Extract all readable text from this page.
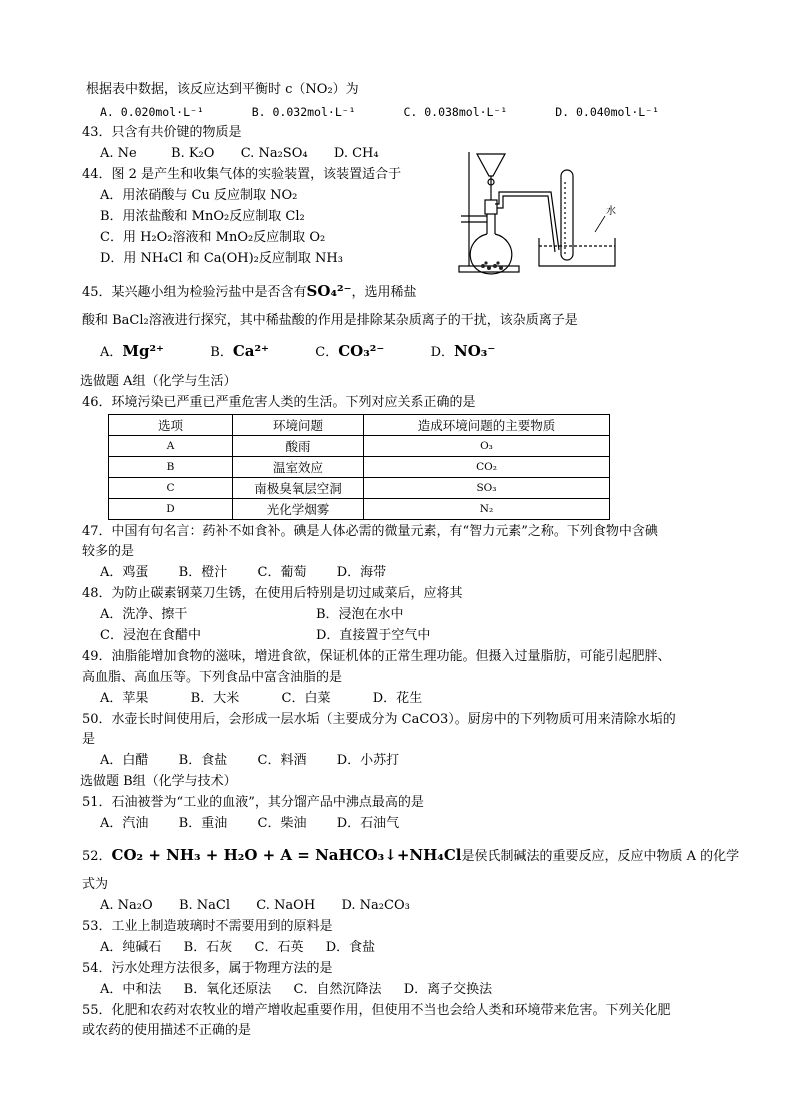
根据表中数据，该反应达到平衡时 c（NO₂）为
A. 0.020mol·L⁻¹	B. 0.032mol·L⁻¹	C. 0.038mol·L⁻¹	D. 0.040mol·L⁻¹
43．只含有共价键的物质是
A. Ne	B. K₂O C. Na₂SO₄ D. CH₄
44．图 2 是产生和收集气体的实验装置，该装置适合于
A．用浓硝酸与 Cu 反应制取 NO₂
B．用浓盐酸和 MnO₂反应制取 Cl₂
C．用 H₂O₂溶液和 MnO₂反应制取 O₂
D．用 NH₄Cl 和 Ca(OH)₂反应制取 NH₃
水
45．某兴趣小组为检验污盐中是否含有SO₄²⁻，选用稀盐
酸和 BaCl₂溶液进行探究，其中稀盐酸的作用是排除某杂质离子的干扰，该杂质离子是
A．Mg²⁺	B．Ca²⁺	C．CO₃²⁻	D．NO₃⁻
选做题 A组（化学与生活）
46．环境污染已严重已严重危害人类的生活。下列对应关系正确的是
选项	环境问题	造成环境问题的主要物质
A	酸雨	O₃
B	温室效应	CO₂
C	南极臭氧层空洞	SO₃
D	光化学烟雾	N₂
47．中国有句名言：药补不如食补。碘是人体必需的微量元素，有“智力元素”之称。下列食物中含碘
较多的是
A．鸡蛋 B．橙汁 C．葡萄 D．海带
48．为防止碳素钢菜刀生锈，在使用后特别是切过咸菜后，应将其
A．洗净、擦干	B．浸泡在水中
C．浸泡在食醋中	D．直接置于空气中
49．油脂能增加食物的滋味，增进食欲，保证机体的正常生理功能。但摄入过量脂肪，可能引起肥胖、
高血脂、高血压等。下列食品中富含油脂的是
A．苹果	B．大米	C．白菜	D．花生
50．水壶长时间使用后，会形成一层水垢（主要成分为 CaCO3）。厨房中的下列物质可用来清除水垢的
是
A．白醋 B．食盐 C．料酒 D．小苏打
选做题 B组（化学与技术）
51．石油被誉为“工业的血液”，其分馏产品中沸点最高的是
A．汽油 B．重油 C．柴油 D．石油气
52．CO₂ + NH₃ + H₂O + A = NaHCO₃↓+NH₄Cl是侯氏制碱法的重要反应，反应中物质 A 的化学
式为
A. Na₂O B. NaCl C. NaOH D. Na₂CO₃
53．工业上制造玻璃时不需要用到的原料是
A．纯碱石 B．石灰 C．石英 D．食盐
54．污水处理方法很多，属于物理方法的是
A．中和法 B．氧化还原法 C．自然沉降法 D．离子交换法
55．化肥和农药对农牧业的增产增收起重要作用，但使用不当也会给人类和环境带来危害。下列关化肥
或农药的使用描述不正确的是
